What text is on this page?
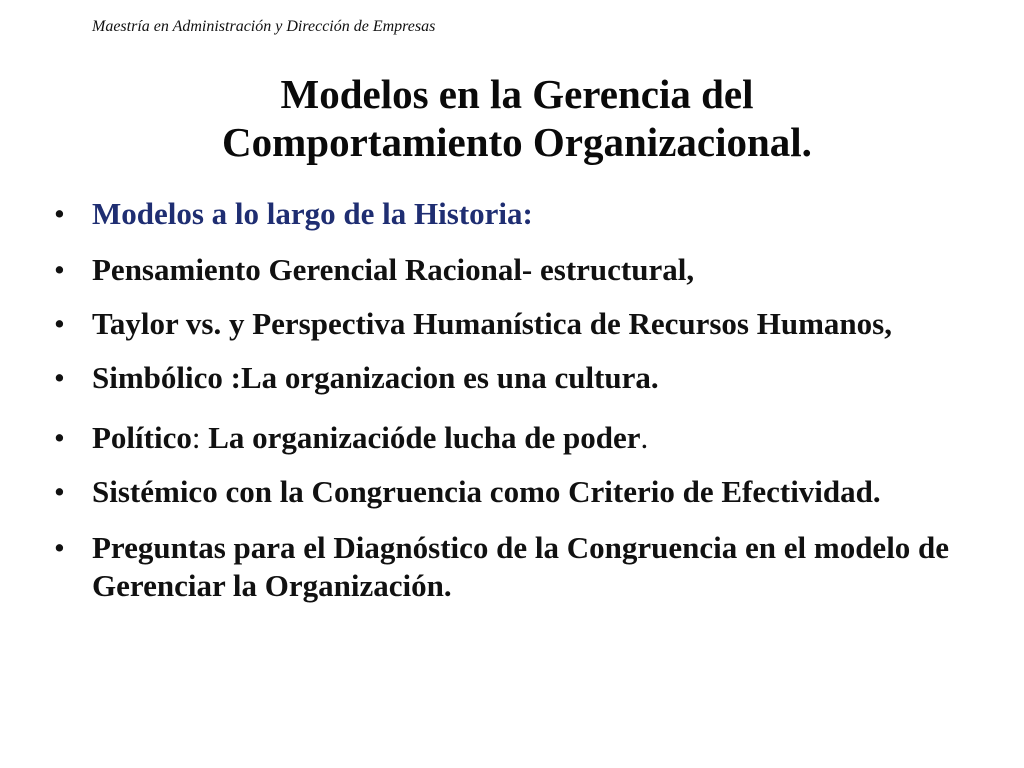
Maestría en Administración y Dirección de Empresas
Modelos en la Gerencia del
Comportamiento Organizacional.
• Modelos a lo largo de la Historia:
• Pensamiento Gerencial Racional- estructural,
• Taylor vs. y Perspectiva Humanística de Recursos Humanos,
• Simbólico :La organizacion es una cultura.
• Político: La organizacióde lucha de poder.
• Sistémico con la Congruencia como Criterio de Efectividad.
• Preguntas para el Diagnóstico de la Congruencia en el modelo de Gerenciar la Organización.
